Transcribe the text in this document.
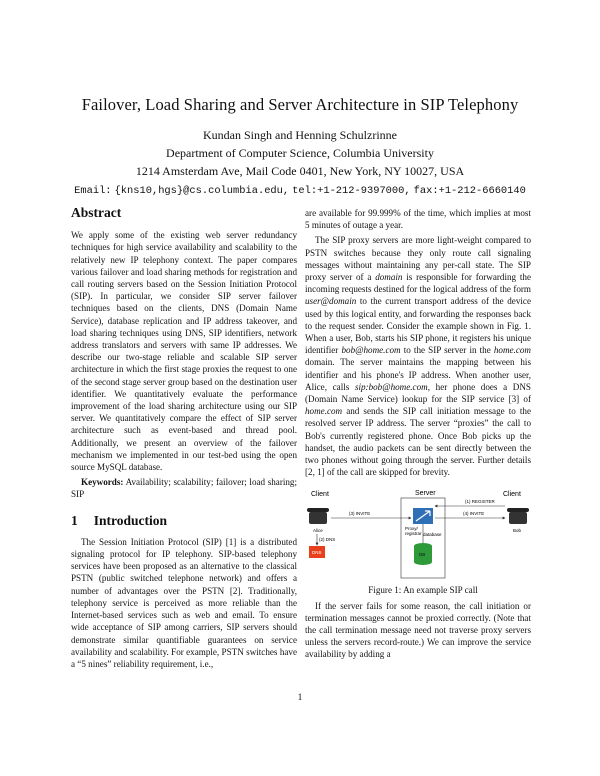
Failover, Load Sharing and Server Architecture in SIP Telephony
Kundan Singh and Henning Schulzrinne
Department of Computer Science, Columbia University
1214 Amsterdam Ave, Mail Code 0401, New York, NY 10027, USA
Email: {kns10,hgs}@cs.columbia.edu, tel:+1-212-9397000, fax:+1-212-6660140
Abstract

We apply some of the existing web server redundancy techniques for high service availability and scalability to the relatively new IP telephony context. The paper compares various failover and load sharing methods for registration and call routing servers based on the Session Initiation Protocol (SIP). In particular, we consider SIP server failover techniques based on the clients, DNS (Domain Name Service), database replication and IP address takeover, and load sharing techniques using DNS, SIP identifiers, network address translators and servers with same IP addresses. We describe our two-stage reliable and scalable SIP server architecture in which the first stage proxies the request to one of the second stage server group based on the destination user identifier. We quantitatively evaluate the performance improvement of the load sharing architecture using our SIP server. We quantitatively compare the effect of SIP server architecture such as event-based and thread pool. Additionally, we present an overview of the failover mechanism we implemented in our test-bed using the open source MySQL database.

Keywords: Availability; scalability; failover; load sharing; SIP

1 Introduction

The Session Initiation Protocol (SIP) [1] is a distributed signaling protocol for IP telephony. SIP-based telephony services have been proposed as an alternative to the classical PSTN (public switched telephone network) and offers a number of advantages over the PSTN [2]. Traditionally, telephony service is perceived as more reliable than the Internet-based services such as web and email. To ensure wide acceptance of SIP among carriers, SIP servers should demonstrate similar quantifiable guarantees on service availability and scalability. For example, PSTN switches have a “5 nines” reliability requirement, i.e.,

are available for 99.999% of the time, which implies at most 5 minutes of outage a year.

The SIP proxy servers are more light-weight compared to PSTN switches because they only route call signaling messages without maintaining any per-call state. The SIP proxy server of a domain is responsible for forwarding the incoming requests destined for the logical address of the form user@domain to the current transport address of the device used by this logical entity, and forwarding the responses back to the request sender. Consider the example shown in Fig. 1. When a user, Bob, starts his SIP phone, it registers his unique identifier bob@home.com to the SIP server in the home.com domain. The server maintains the mapping between his identifier and his phone's IP address. When another user, Alice, calls sip:bob@home.com, her phone does a DNS (Domain Name Service) lookup for the SIP service [3] of home.com and sends the SIP call initiation message to the resolved server IP address. The server “proxies” the call to Bob's currently registered phone. Once Bob picks up the handset, the audio packets can be sent directly between the two phones without going through the server. Further details [2, 1] of the call are skipped for brevity.

Client	Server	Client
Alice	Bob
Proxy/
registrar database
DB
DNS
(2) DNS
(3) INVITE	(4) INVITE
(1) REGISTER

Figure 1: An example SIP call

If the server fails for some reason, the call initiation or termination messages cannot be proxied correctly. (Note that the call termination message need not traverse proxy servers unless the servers record-route.) We can improve the service availability by adding a

1
